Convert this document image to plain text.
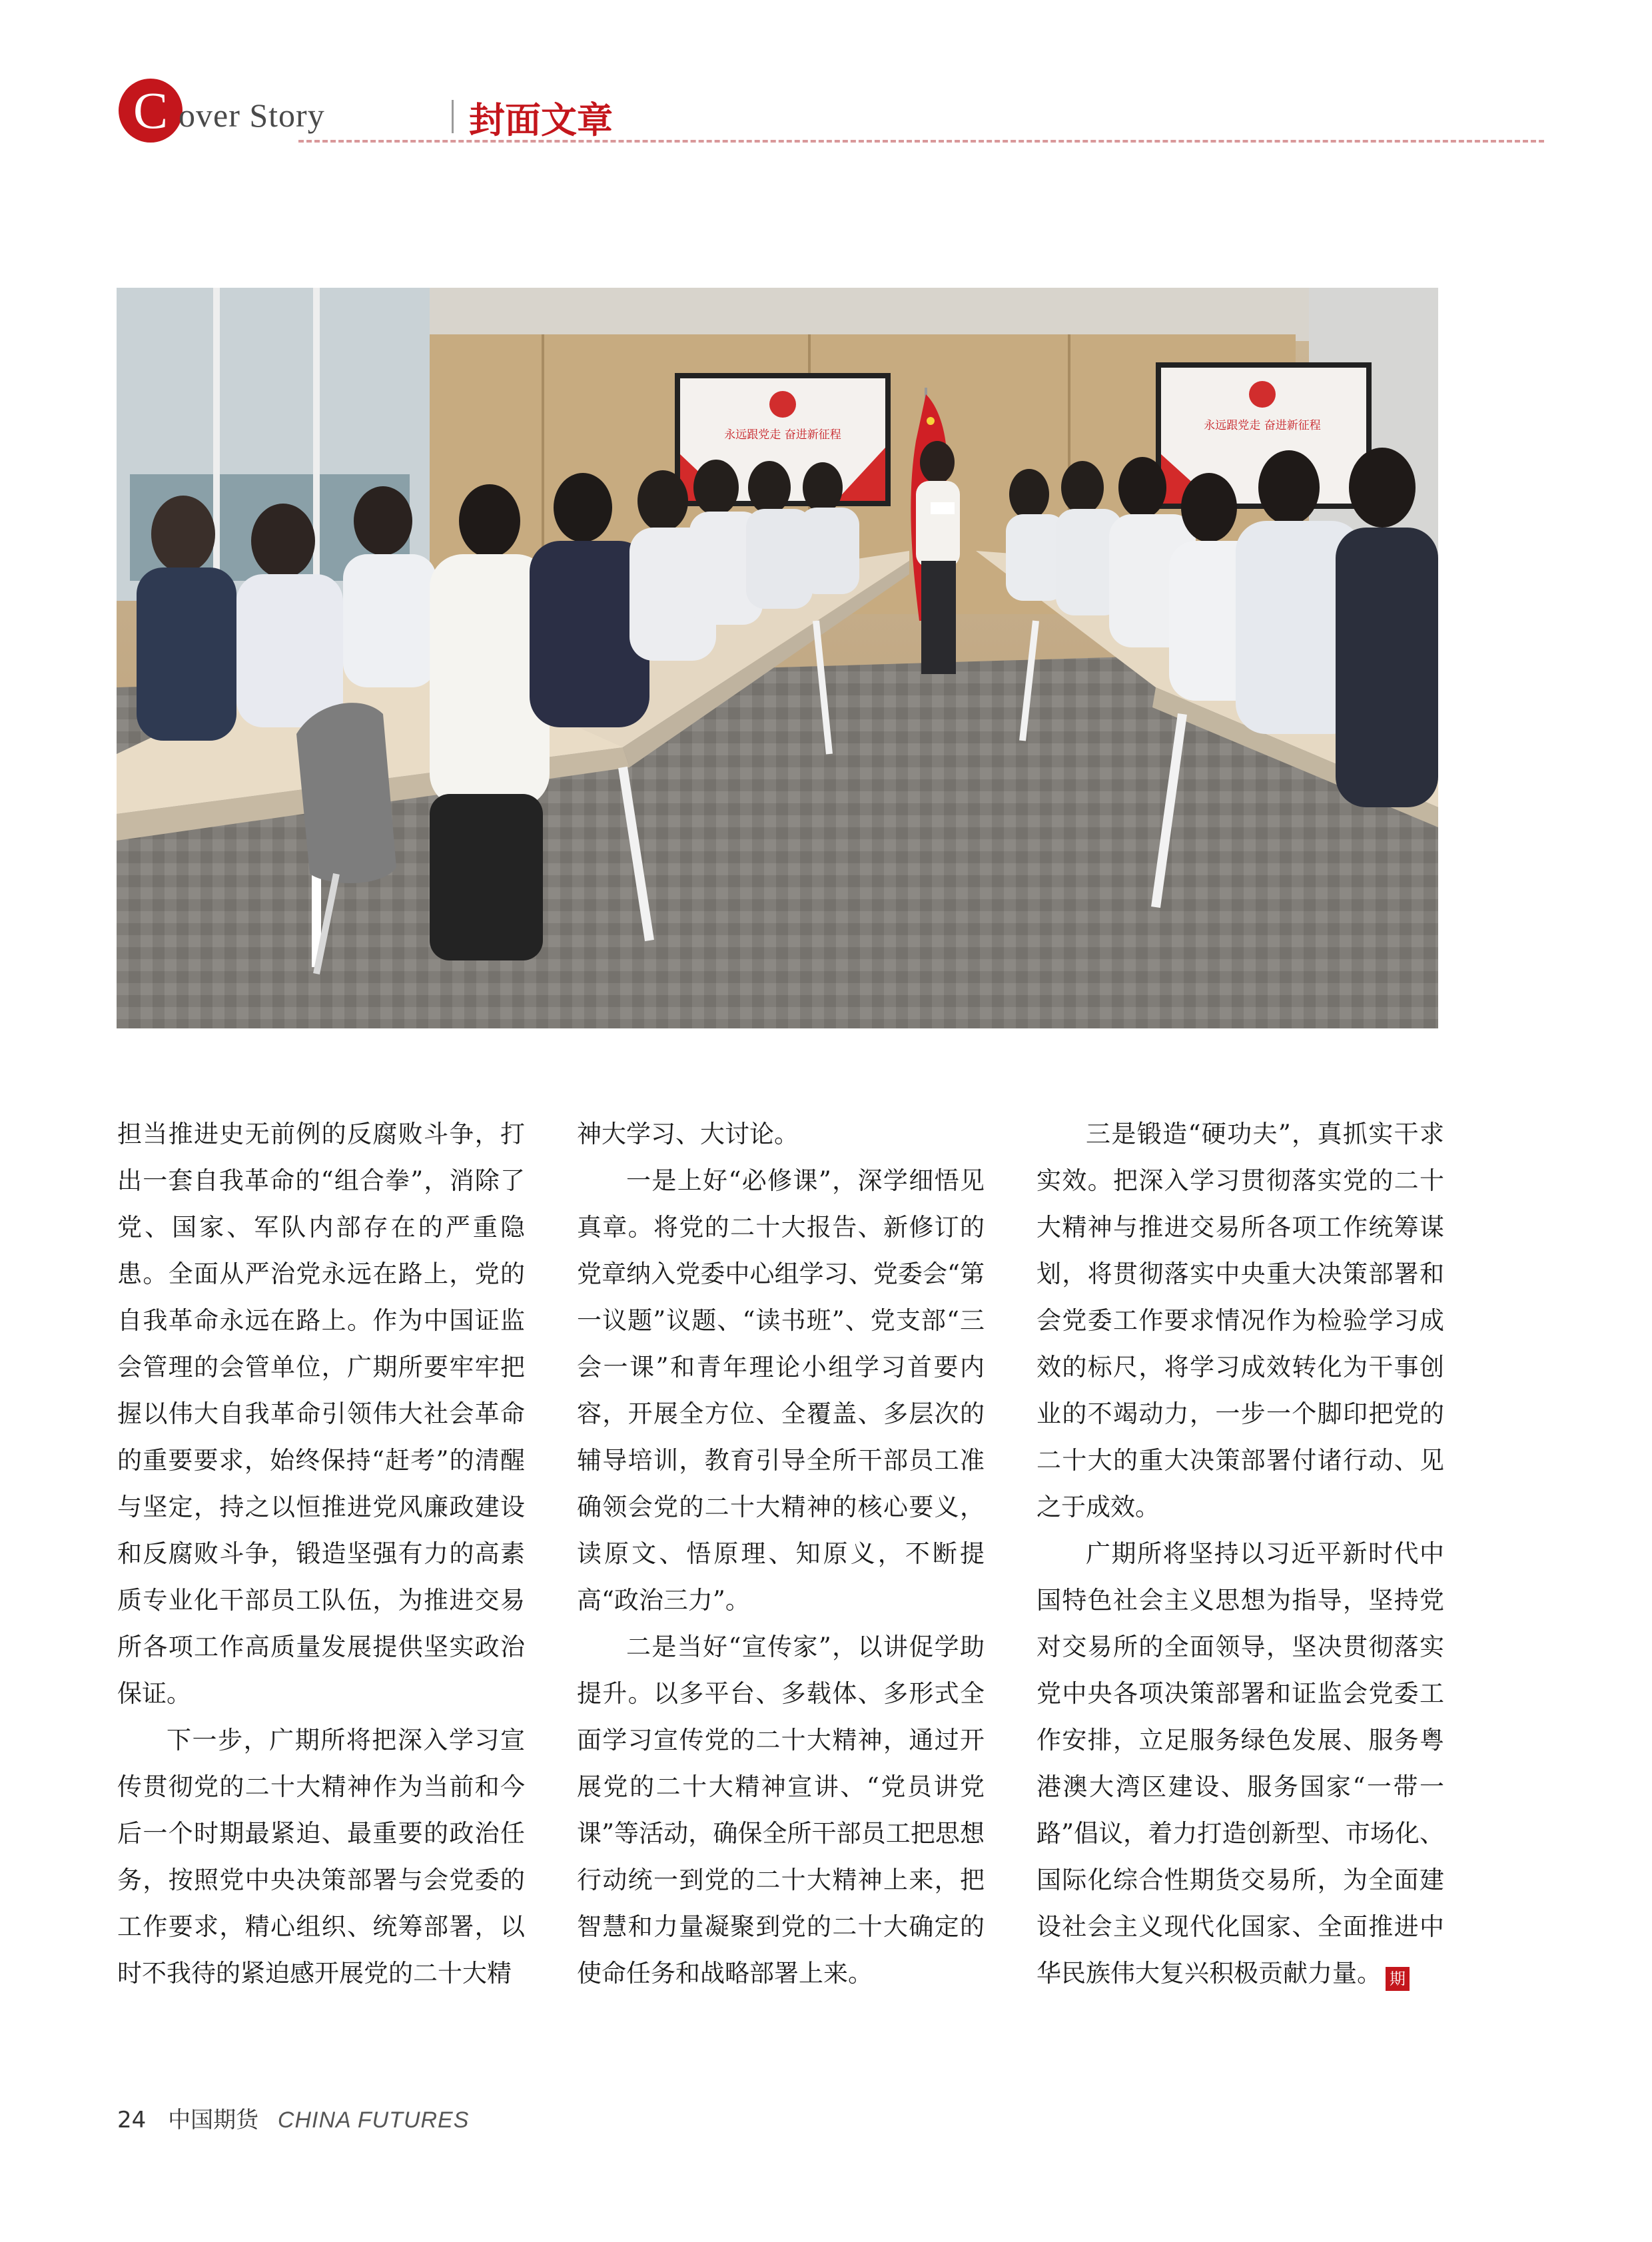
C over Story	封面文章
永远跟党走 奋进新征程
永远跟党走 奋进新征程

担当推进史无前例的反腐败斗争，打出一套自我革命的“组合拳”，消除了党、国家、军队内部存在的严重隐患。全面从严治党永远在路上，党的自我革命永远在路上。作为中国证监会管理的会管单位，广期所要牢牢把握以伟大自我革命引领伟大社会革命的重要要求，始终保持“赶考”的清醒与坚定，持之以恒推进党风廉政建设和反腐败斗争，锻造坚强有力的高素质专业化干部员工队伍，为推进交易所各项工作高质量发展提供坚实政治保证。

下一步，广期所将把深入学习宣传贯彻党的二十大精神作为当前和今后一个时期最紧迫、最重要的政治任务，按照党中央决策部署与会党委的工作要求，精心组织、统筹部署，以时不我待的紧迫感开展党的二十大精

神大学习、大讨论。

一是上好“必修课”，深学细悟见真章。将党的二十大报告、新修订的党章纳入党委中心组学习、党委会“第一议题”议题、“读书班”、党支部“三会一课”和青年理论小组学习首要内容，开展全方位、全覆盖、多层次的辅导培训，教育引导全所干部员工准确领会党的二十大精神的核心要义，读原文、悟原理、知原义，不断提高“政治三力”。

二是当好“宣传家”，以讲促学助提升。以多平台、多载体、多形式全面学习宣传党的二十大精神，通过开展党的二十大精神宣讲、“党员讲党课”等活动，确保全所干部员工把思想行动统一到党的二十大精神上来，把智慧和力量凝聚到党的二十大确定的使命任务和战略部署上来。

三是锻造“硬功夫”，真抓实干求实效。把深入学习贯彻落实党的二十大精神与推进交易所各项工作统筹谋划，将贯彻落实中央重大决策部署和会党委工作要求情况作为检验学习成效的标尺，将学习成效转化为干事创业的不竭动力，一步一个脚印把党的二十大的重大决策部署付诸行动、见之于成效。

广期所将坚持以习近平新时代中国特色社会主义思想为指导，坚持党对交易所的全面领导，坚决贯彻落实党中央各项决策部署和证监会党委工作安排，立足服务绿色发展、服务粤港澳大湾区建设、服务国家“一带一路”倡议，着力打造创新型、市场化、国际化综合性期货交易所，为全面建设社会主义现代化国家、全面推进中华民族伟大复兴积极贡献力量。 期

24 中国期货 CHINA FUTURES
